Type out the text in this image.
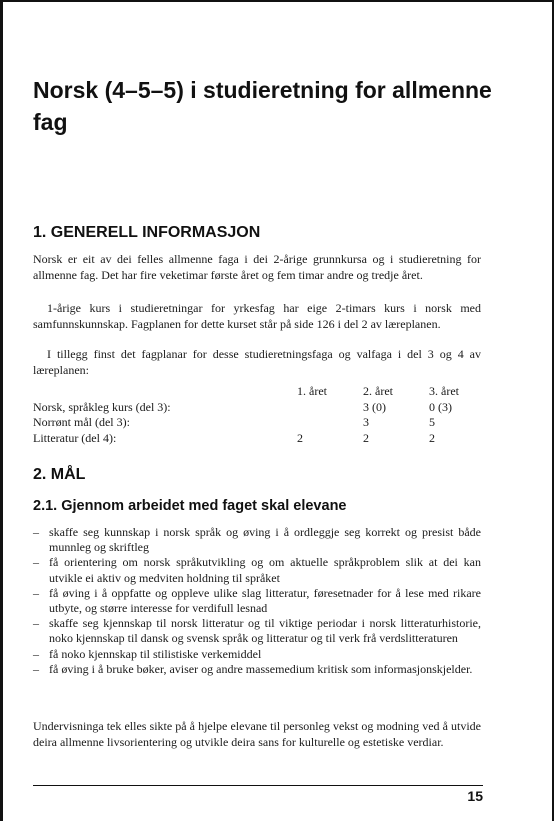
Norsk (4–5–5) i studieretning for allmenne fag
1. GENERELL INFORMASJON

Norsk er eit av dei felles allmenne faga i dei 2-årige grunnkursa og i studieretning for allmenne fag. Det har fire veketimar første året og fem timar andre og tredje året.

1-årige kurs i studieretningar for yrkesfag har eige 2-timars kurs i norsk med samfunnskunnskap. Fagplanen for dette kurset står på side 126 i del 2 av læreplanen.

I tillegg finst det fagplanar for desse studieretningsfaga og valfaga i del 3 og 4 av læreplanen:

	1. året	2. året	3. året
Norsk, språkleg kurs (del 3):		3 (0)	0 (3)
Norrønt mål (del 3):		3	5
Litteratur (del 4):	2	2	2
2. MÅL
2.1. Gjennom arbeidet med faget skal elevane
– skaffe seg kunnskap i norsk språk og øving i å ordleggje seg korrekt og presist både munnleg og skriftleg
– få orientering om norsk språkutvikling og om aktuelle språkproblem slik at dei kan utvikle ei aktiv og medviten holdning til språket
– få øving i å oppfatte og oppleve ulike slag litteratur, føresetnader for å lese med rikare utbyte, og større interesse for verdifull lesnad
– skaffe seg kjennskap til norsk litteratur og til viktige periodar i norsk litteraturhistorie, noko kjennskap til dansk og svensk språk og litteratur og til verk frå verdslitteraturen
– få noko kjennskap til stilistiske verkemiddel
– få øving i å bruke bøker, aviser og andre massemedium kritisk som informasjonskjelder.

Undervisninga tek elles sikte på å hjelpe elevane til personleg vekst og modning ved å utvide deira allmenne livsorientering og utvikle deira sans for kulturelle og estetiske verdiar.

15
